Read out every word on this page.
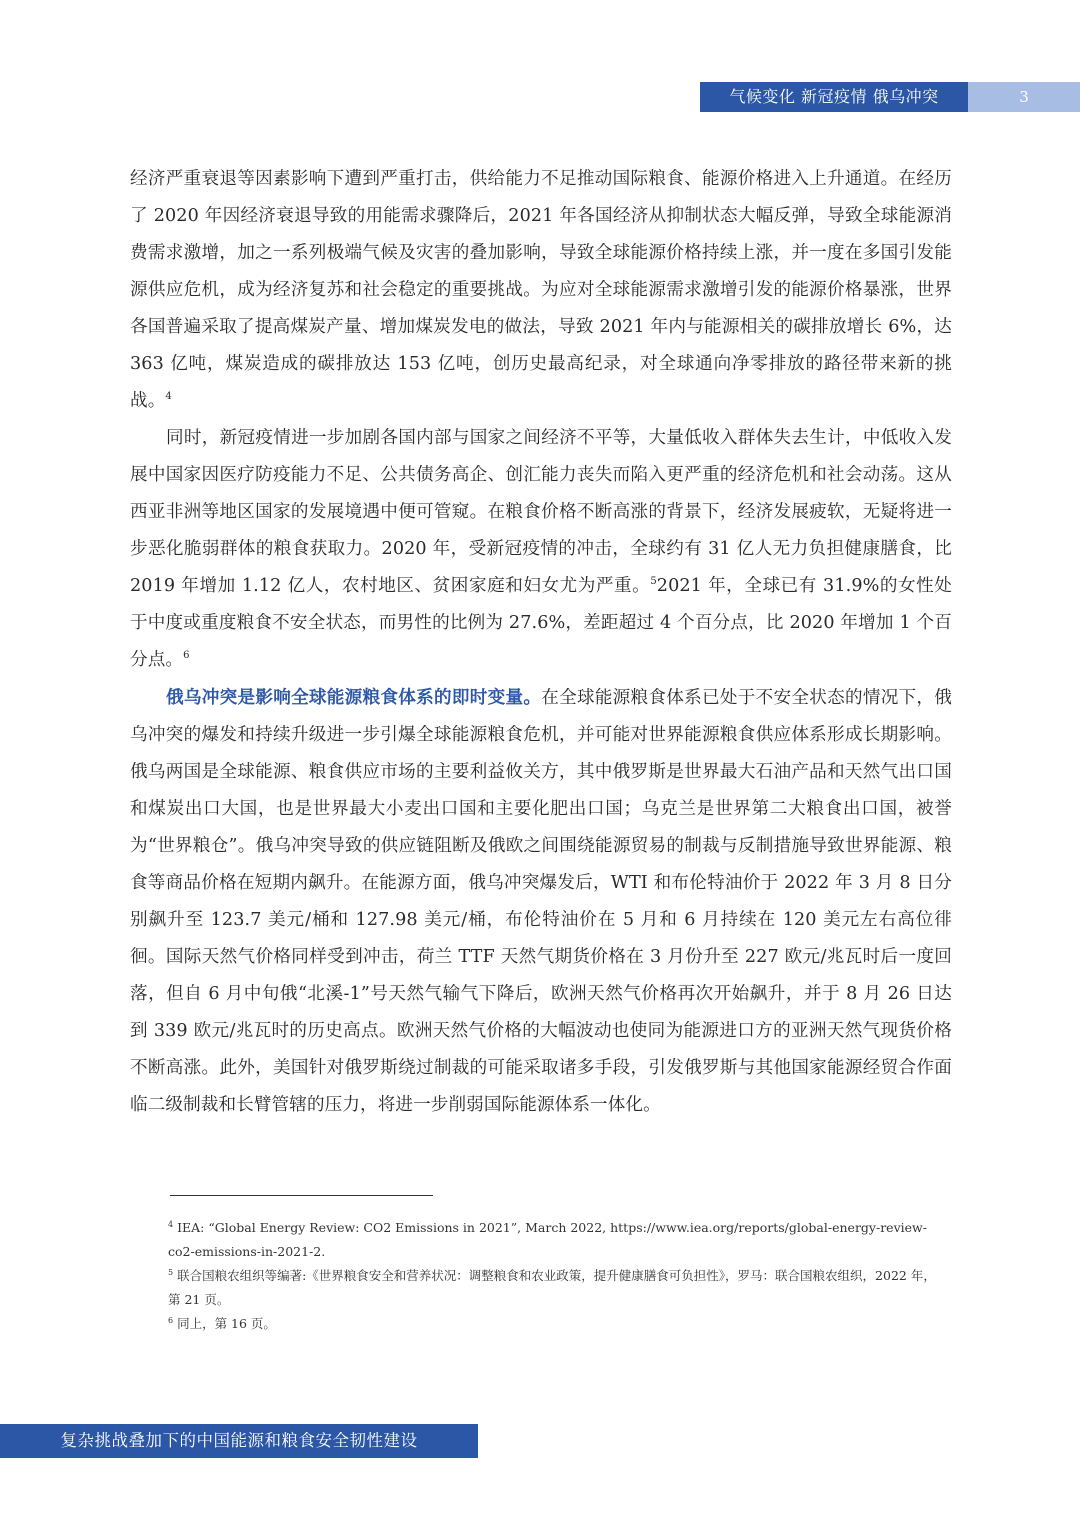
气候变化 新冠疫情 俄乌冲突	3

经济严重衰退等因素影响下遭到严重打击，供给能力不足推动国际粮食、能源价格进入上升通道。在经历了 2020 年因经济衰退导致的用能需求骤降后，2021 年各国经济从抑制状态大幅反弹，导致全球能源消费需求激增，加之一系列极端气候及灾害的叠加影响，导致全球能源价格持续上涨，并一度在多国引发能源供应危机，成为经济复苏和社会稳定的重要挑战。为应对全球能源需求激增引发的能源价格暴涨，世界各国普遍采取了提高煤炭产量、增加煤炭发电的做法，导致 2021 年内与能源相关的碳排放增长 6%，达 363 亿吨，煤炭造成的碳排放达 153 亿吨，创历史最高纪录，对全球通向净零排放的路径带来新的挑战。$^4$

同时，新冠疫情进一步加剧各国内部与国家之间经济不平等，大量低收入群体失去生计，中低收入发展中国家因医疗防疫能力不足、公共债务高企、创汇能力丧失而陷入更严重的经济危机和社会动荡。这从西亚非洲等地区国家的发展境遇中便可管窥。在粮食价格不断高涨的背景下，经济发展疲软，无疑将进一步恶化脆弱群体的粮食获取力。2020 年，受新冠疫情的冲击，全球约有 31 亿人无力负担健康膳食，比 2019 年增加 1.12 亿人，农村地区、贫困家庭和妇女尤为严重。$^5$2021 年，全球已有 31.9%的女性处于中度或重度粮食不安全状态，而男性的比例为 27.6%，差距超过 4 个百分点，比 2020 年增加 1 个百分点。$^6$

俄乌冲突是影响全球能源粮食体系的即时变量。在全球能源粮食体系已处于不安全状态的情况下，俄乌冲突的爆发和持续升级进一步引爆全球能源粮食危机，并可能对世界能源粮食供应体系形成长期影响。俄乌两国是全球能源、粮食供应市场的主要利益攸关方，其中俄罗斯是世界最大石油产品和天然气出口国和煤炭出口大国，也是世界最大小麦出口国和主要化肥出口国；乌克兰是世界第二大粮食出口国，被誉为“世界粮仓”。俄乌冲突导致的供应链阻断及俄欧之间围绕能源贸易的制裁与反制措施导致世界能源、粮食等商品价格在短期内飙升。在能源方面，俄乌冲突爆发后，WTI 和布伦特油价于 2022 年 3 月 8 日分别飙升至 123.7 美元/桶和 127.98 美元/桶，布伦特油价在 5 月和 6 月持续在 120 美元左右高位徘徊。国际天然气价格同样受到冲击，荷兰 TTF 天然气期货价格在 3 月份升至 227 欧元/兆瓦时后一度回落，但自 6 月中旬俄“北溪-1”号天然气输气下降后，欧洲天然气价格再次开始飙升，并于 8 月 26 日达到 339 欧元/兆瓦时的历史高点。欧洲天然气价格的大幅波动也使同为能源进口方的亚洲天然气现货价格不断高涨。此外，美国针对俄罗斯绕过制裁的可能采取诸多手段，引发俄罗斯与其他国家能源经贸合作面临二级制裁和长臂管辖的压力，将进一步削弱国际能源体系一体化。

$^4$ IEA: “Global Energy Review: CO2 Emissions in 2021”, March 2022, https://www.iea.org/reports/global-energy-review-co2-emissions-in-2021-2.

$^5$ 联合国粮农组织等编著:《世界粮食安全和营养状况：调整粮食和农业政策，提升健康膳食可负担性》，罗马：联合国粮农组织，2022 年，第 21 页。

$^6$ 同上，第 16 页。

复杂挑战叠加下的中国能源和粮食安全韧性建设
